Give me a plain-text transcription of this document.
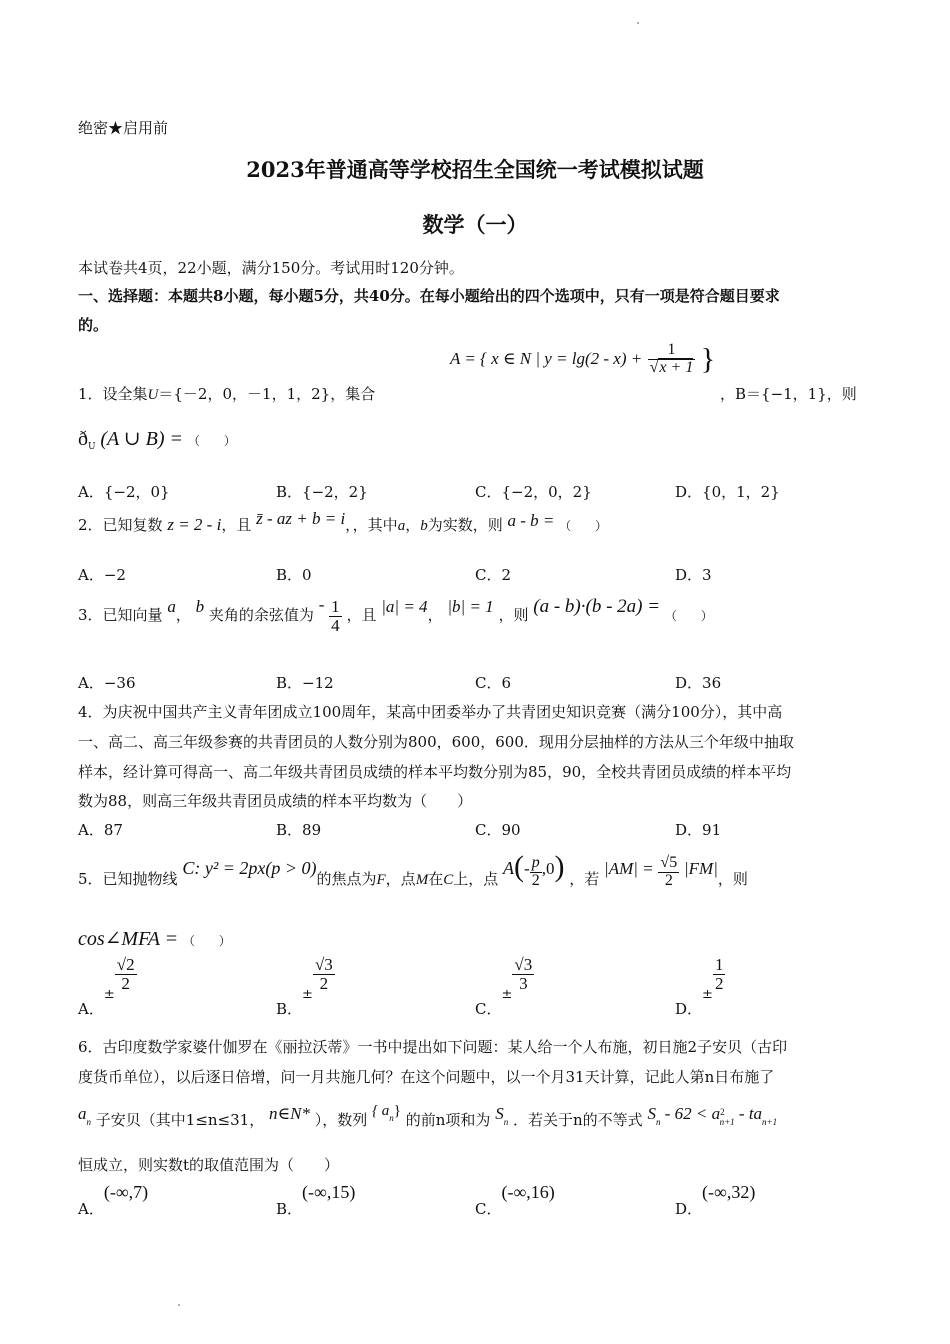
绝密★启用前
2023年普通高等学校招生全国统一考试模拟试题
数学（一）
本试卷共4页，22小题，满分150分。考试用时120分钟。
一、选择题：本题共8小题，每小题5分，共40分。在每小题给出的四个选项中，只有一项是符合题目要求
的。
A = { x ∈ N | $y = \lg(2 - x) + \frac{1}{√x + 1}$ }
1．设全集U＝{－2，0，－1，1，2}，集合	，B＝{−1，1}，则
$ð_U$ (A ∪ B) = （　　）
A．{−2，0}	B．{−2，2}	C．{−2，0，2}	D．{0，1，2}
2．已知复数 z = 2 - i，且 z̄ - az + b = i，，其中a，b为实数，则 a - b = （　　）
A．−2	B．0	C．2	D．3
3．已知向量 a， b 夹角的余弦值为 - $\frac{1}{4}$ ，且 |a| = 4， |b| = 1 ，则 (a - b)·(b - 2a) = （　　）
A．−36	B．−12	C．6	D．36
4．为庆祝中国共产主义青年团成立100周年，某高中团委举办了共青团史知识竞赛（满分100分），其中高
一、高二、高三年级参赛的共青团员的人数分别为800，600，600．现用分层抽样的方法从三个年级中抽取
样本，经计算可得高一、高二年级共青团员成绩的样本平均数分别为85，90，全校共青团员成绩的样本平均
数为88，则高三年级共青团员成绩的样本平均数为（　　）
A．87	B．89	C．90	D．91
5．已知抛物线 C: y² = 2px(p > 0)的焦点为F，点M在C上，点 $A(- \frac{p}{2} ,0)$ ，若 $|AM| = \frac{√5}{2} |FM|$，则
cos∠MFA = （　　）
A．±
$\frac{√2}{2}$
B．±
$\frac{√3}{2}$
C．±
$\frac{√3}{3}$
D．±
$\frac{1}{2}$
6．古印度数学家婆什伽罗在《丽拉沃蒂》一书中提出如下问题：某人给一个人布施，初日施2子安贝（古印
度货币单位），以后逐日倍增，问一月共施几何？在这个问题中，以一个月31天计算，记此人第n日布施了
$a_n$ 子安贝（其中1≤n≤31， n∈N* ），数列 { $a_n$} 的前n项和为 $S_n$ ．若关于n的不等式 $S_n - 62 < a^2_{n+1} - ta_{n+1}$
恒成立，则实数t的取值范围为（　　）
A．(-∞,7)
B．(-∞,15)
C．(-∞,16)
D．(-∞,32)
